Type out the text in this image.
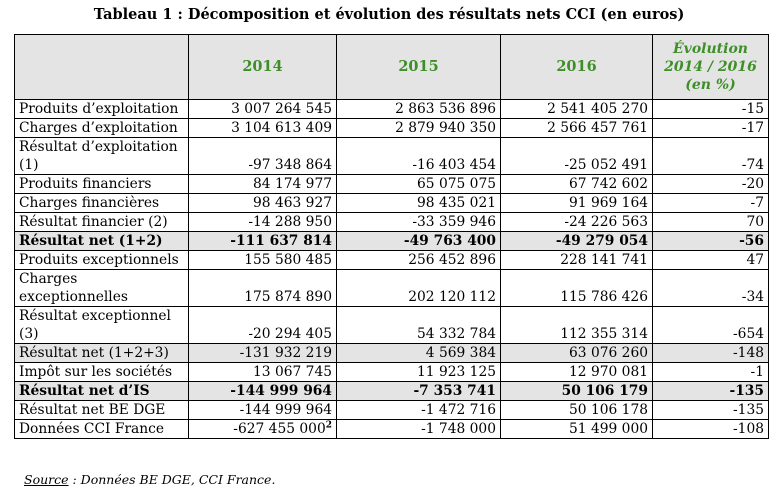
Tableau 1 : Décomposition et évolution des résultats nets CCI (en euros)
	2014	2015	2016	Évolution
2014 / 2016
(en %)
Produits d’exploitation	3 007 264 545	2 863 536 896	2 541 405 270	-15
Charges d’exploitation	3 104 613 409	2 879 940 350	2 566 457 761	-17
Résultat d’exploitation (1)	-97 348 864	-16 403 454	-25 052 491	-74
Produits financiers	84 174 977	65 075 075	67 742 602	-20
Charges financières	98 463 927	98 435 021	91 969 164	-7
Résultat financier (2)	-14 288 950	-33 359 946	-24 226 563	70
Résultat net (1+2)	-111 637 814	-49 763 400	-49 279 054	-56
Produits exceptionnels	155 580 485	256 452 896	228 141 741	47
Charges exceptionnelles	175 874 890	202 120 112	115 786 426	-34
Résultat exceptionnel (3)	-20 294 405	54 332 784	112 355 314	-654
Résultat net (1+2+3)	-131 932 219	4 569 384	63 076 260	-148
Impôt sur les sociétés	13 067 745	11 923 125	12 970 081	-1
Résultat net d’IS	-144 999 964	-7 353 741	50 106 179	-135
Résultat net BE DGE	-144 999 964	-1 472 716	50 106 178	-135
Données CCI France	-627 455 $000^2$	-1 748 000	51 499 000	-108
Source : Données BE DGE, CCI France.
